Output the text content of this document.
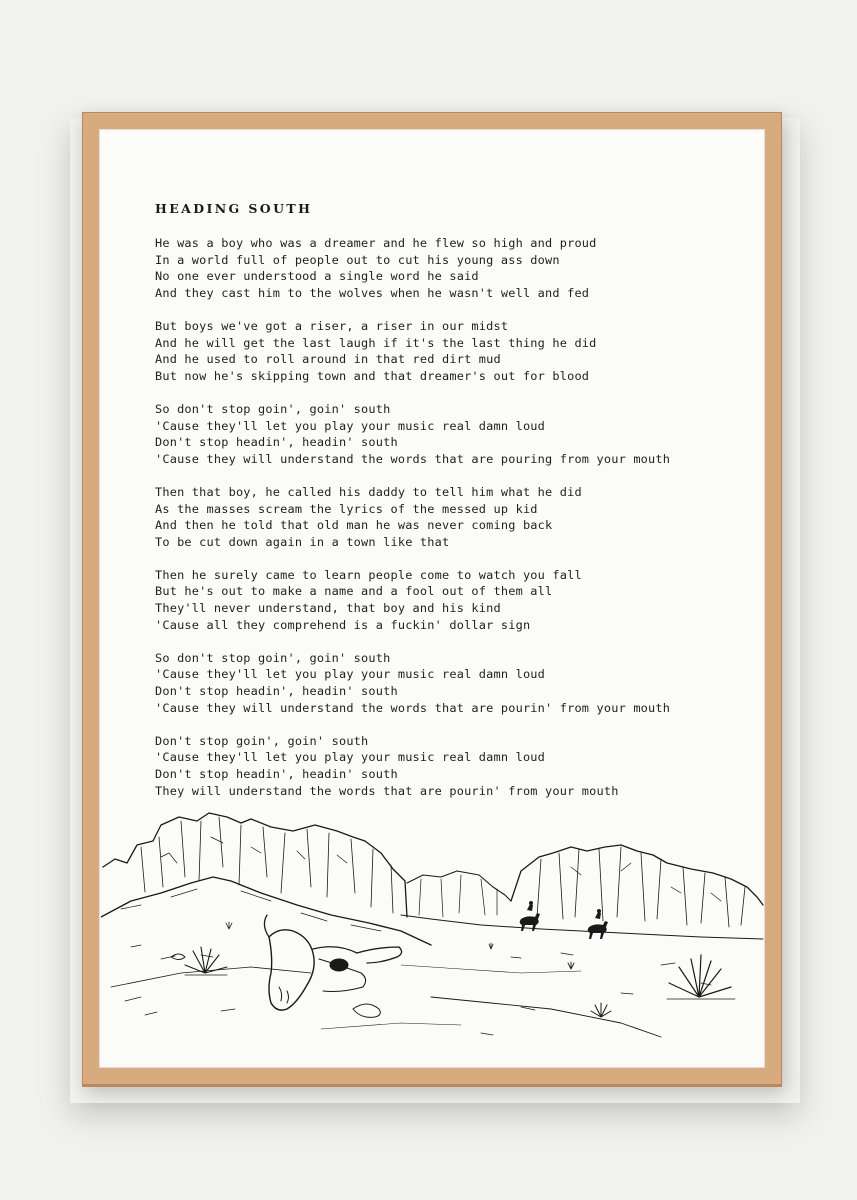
HEADING SOUTH
He was a boy who was a dreamer and he flew so high and proud
In a world full of people out to cut his young ass down
No one ever understood a single word he said
And they cast him to the wolves when he wasn't well and fed
But boys we've got a riser, a riser in our midst
And he will get the last laugh if it's the last thing he did
And he used to roll around in that red dirt mud
But now he's skipping town and that dreamer's out for blood
So don't stop goin', goin' south
'Cause they'll let you play your music real damn loud
Don't stop headin', headin' south
'Cause they will understand the words that are pouring from your mouth
Then that boy, he called his daddy to tell him what he did
As the masses scream the lyrics of the messed up kid
And then he told that old man he was never coming back
To be cut down again in a town like that
Then he surely came to learn people come to watch you fall
But he's out to make a name and a fool out of them all
They'll never understand, that boy and his kind
'Cause all they comprehend is a fuckin' dollar sign
So don't stop goin', goin' south
'Cause they'll let you play your music real damn loud
Don't stop headin', headin' south
'Cause they will understand the words that are pourin' from your mouth
Don't stop goin', goin' south
'Cause they'll let you play your music real damn loud
Don't stop headin', headin' south
They will understand the words that are pourin' from your mouth
